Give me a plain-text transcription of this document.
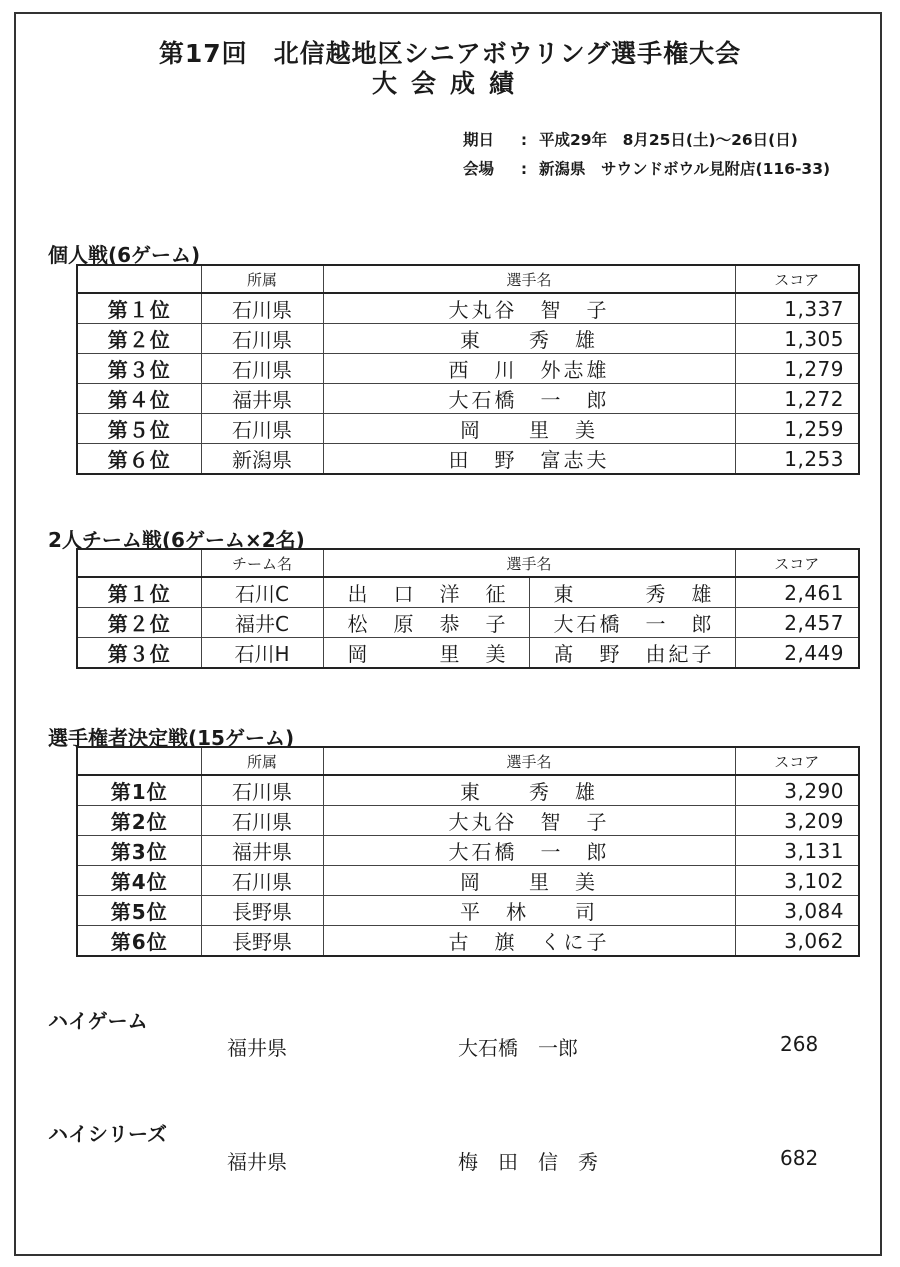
第17回　北信越地区シニアボウリング選手権大会
大会成績
期日 : 平成29年　8月25日(土)～26日(日)
会場 : 新潟県　サウンドボウル見附店(116-33)
個人戦(6ゲーム)
	所属	選手名	スコア
第１位	石川県	大丸谷　智　子	1,337
第２位	石川県	東　　秀　雄	1,305
第３位	石川県	西　川　外志雄	1,279
第４位	福井県	大石橋　一　郎	1,272
第５位	石川県	岡　　里　美	1,259
第６位	新潟県	田　野　富志夫	1,253
2人チーム戦(6ゲーム×2名)
	チーム名	選手名		スコア
第１位	石川C	出　口　洋　征	東　　　秀　雄	2,461
第２位	福井C	松　原　恭　子	大石橋　一　郎	2,457
第３位	石川H	岡　　　里　美	髙　野　由紀子	2,449
選手権者決定戦(15ゲーム)
	所属	選手名	スコア
第1位	石川県	東　　秀　雄	3,290
第2位	石川県	大丸谷　智　子	3,209
第3位	福井県	大石橋　一　郎	3,131
第4位	石川県	岡　　里　美	3,102
第5位	長野県	平　林　　司	3,084
第6位	長野県	古　旗　くに子	3,062
ハイゲーム
福井県	大石橋　一郎	268
ハイシリーズ
福井県	梅　田　信　秀	682
